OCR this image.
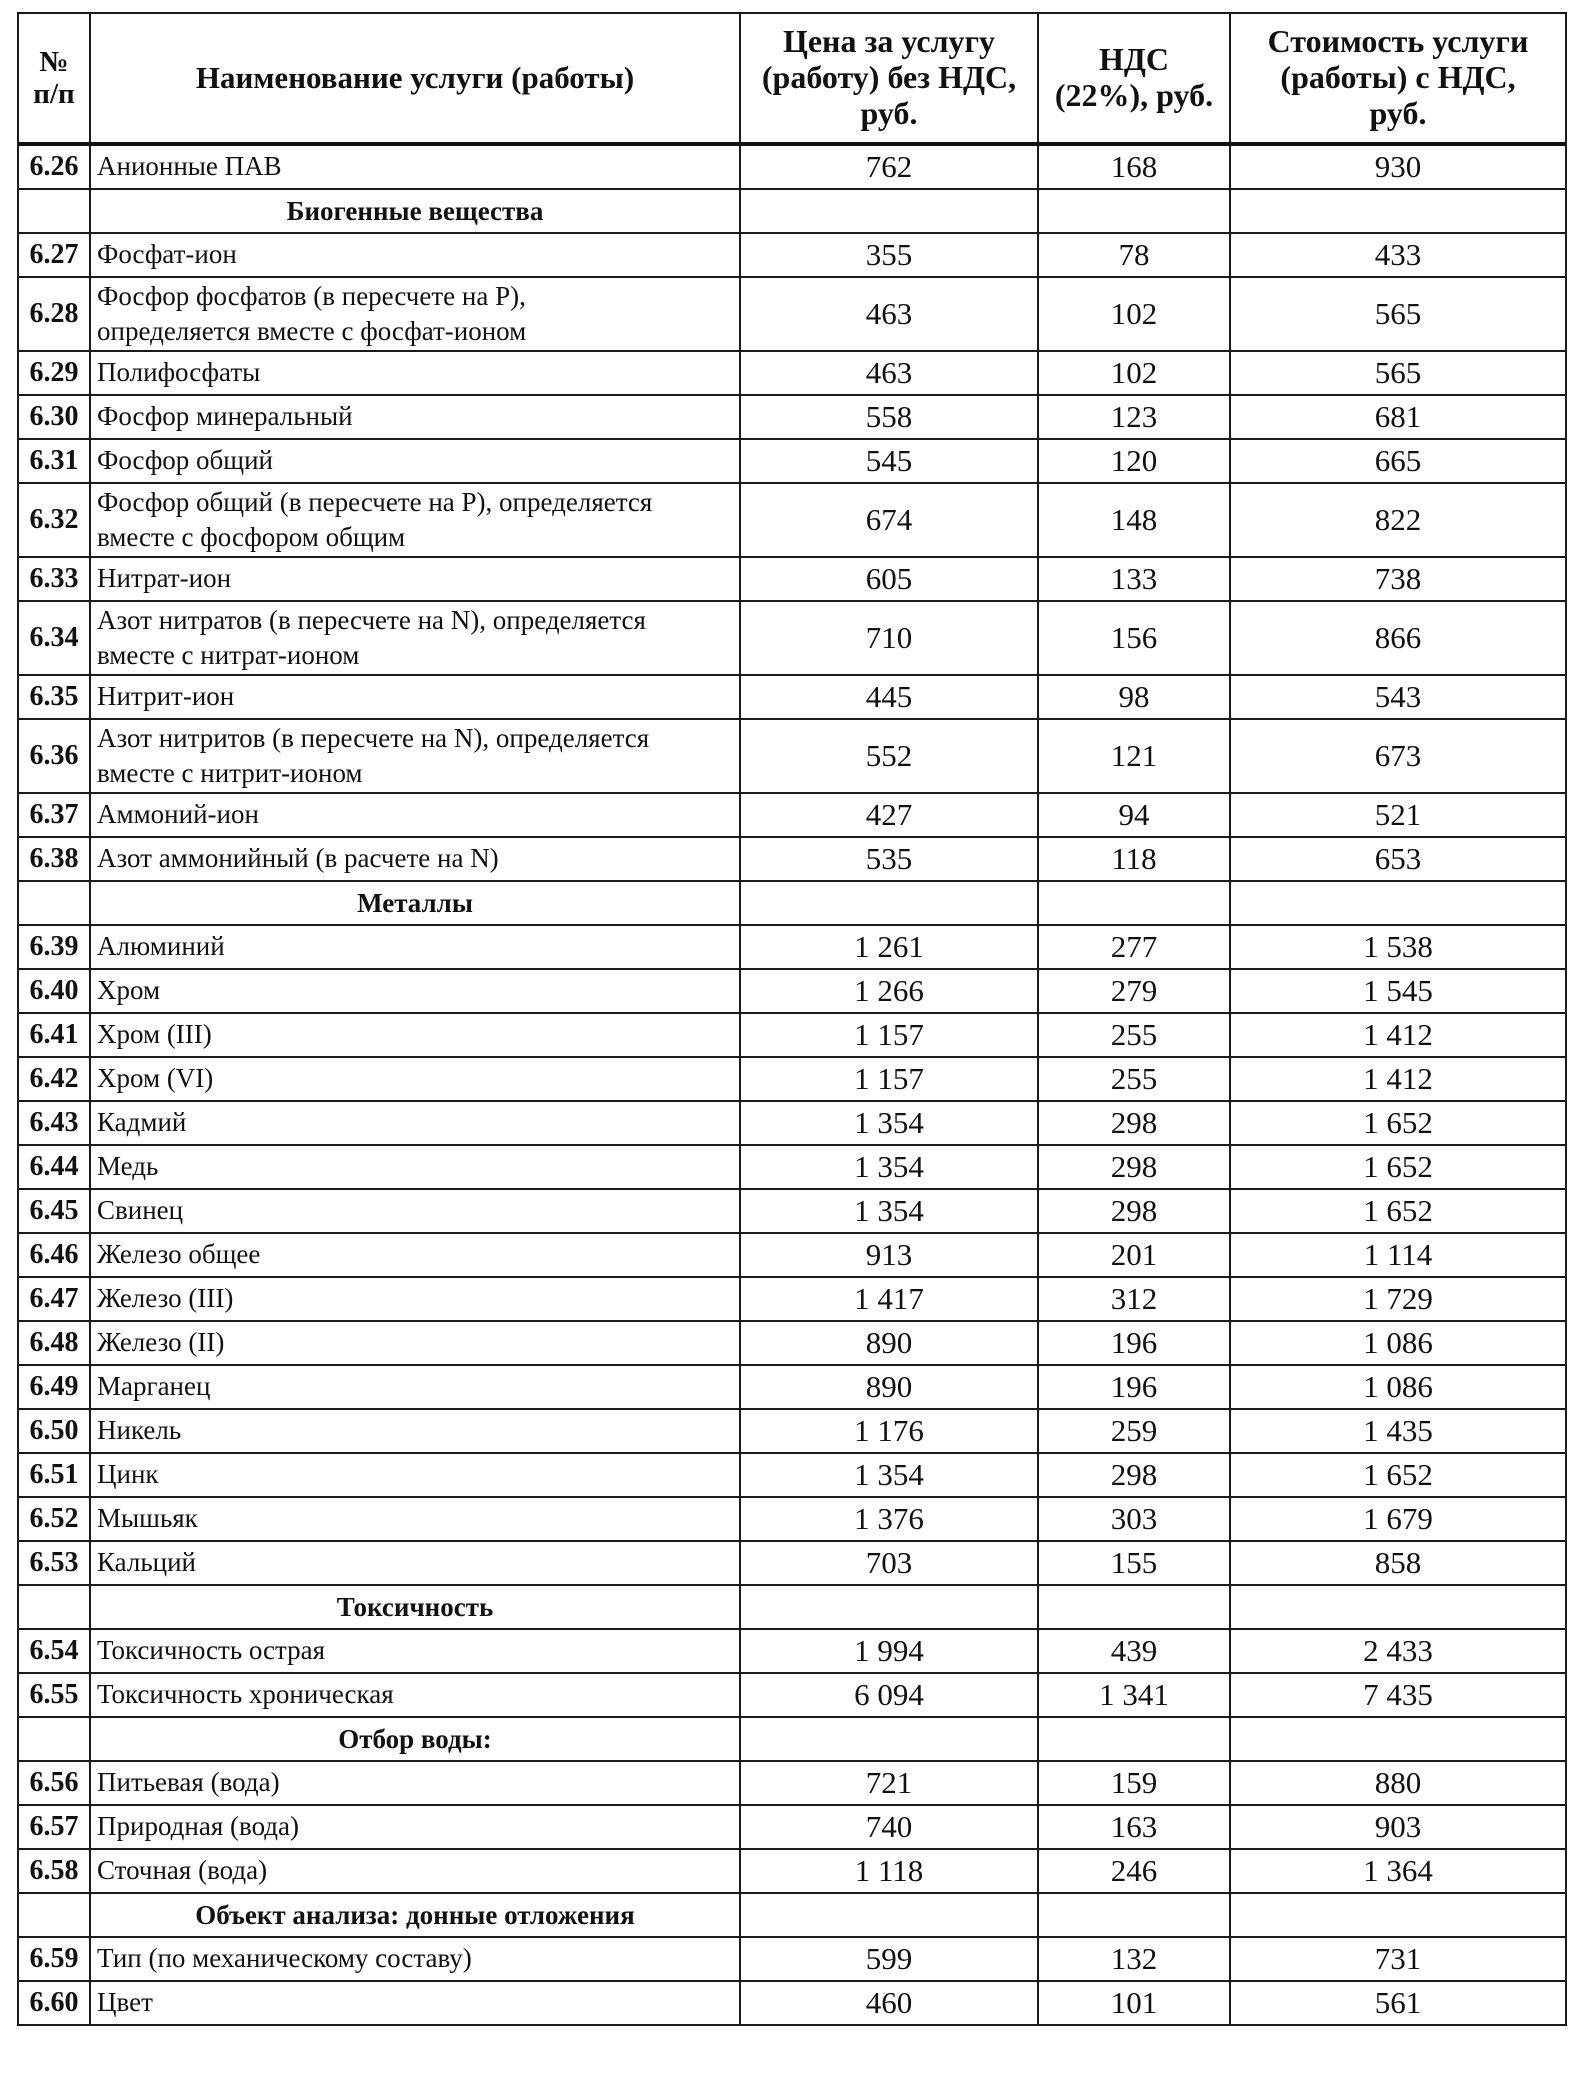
№
п/п	Наименование услуги (работы)	Цена за услугу
(работу) без НДС,
руб.	НДС
(22%), руб.	Стоимость услуги
(работы) с НДС,
руб.
6.26	Анионные ПАВ	762	168	930
	Биогенные вещества			
6.27	Фосфат-ион	355	78	433
6.28	Фосфор фосфатов (в пересчете на Р),
определяется вместе с фосфат-ионом	463	102	565
6.29	Полифосфаты	463	102	565
6.30	Фосфор минеральный	558	123	681
6.31	Фосфор общий	545	120	665
6.32	Фосфор общий (в пересчете на Р), определяется
вместе с фосфором общим	674	148	822
6.33	Нитрат-ион	605	133	738
6.34	Азот нитратов (в пересчете на N), определяется
вместе с нитрат-ионом	710	156	866
6.35	Нитрит-ион	445	98	543
6.36	Азот нитритов (в пересчете на N), определяется
вместе с нитрит-ионом	552	121	673
6.37	Аммоний-ион	427	94	521
6.38	Азот аммонийный (в расчете на N)	535	118	653
	Металлы			
6.39	Алюминий	1 261	277	1 538
6.40	Хром	1 266	279	1 545
6.41	Хром (III)	1 157	255	1 412
6.42	Хром (VI)	1 157	255	1 412
6.43	Кадмий	1 354	298	1 652
6.44	Медь	1 354	298	1 652
6.45	Свинец	1 354	298	1 652
6.46	Железо общее	913	201	1 114
6.47	Железо (III)	1 417	312	1 729
6.48	Железо (II)	890	196	1 086
6.49	Марганец	890	196	1 086
6.50	Никель	1 176	259	1 435
6.51	Цинк	1 354	298	1 652
6.52	Мышьяк	1 376	303	1 679
6.53	Кальций	703	155	858
	Токсичность			
6.54	Токсичность острая	1 994	439	2 433
6.55	Токсичность хроническая	6 094	1 341	7 435
	Отбор воды:			
6.56	Питьевая (вода)	721	159	880
6.57	Природная (вода)	740	163	903
6.58	Сточная (вода)	1 118	246	1 364
	Объект анализа: донные отложения			
6.59	Тип (по механическому составу)	599	132	731
6.60	Цвет	460	101	561
